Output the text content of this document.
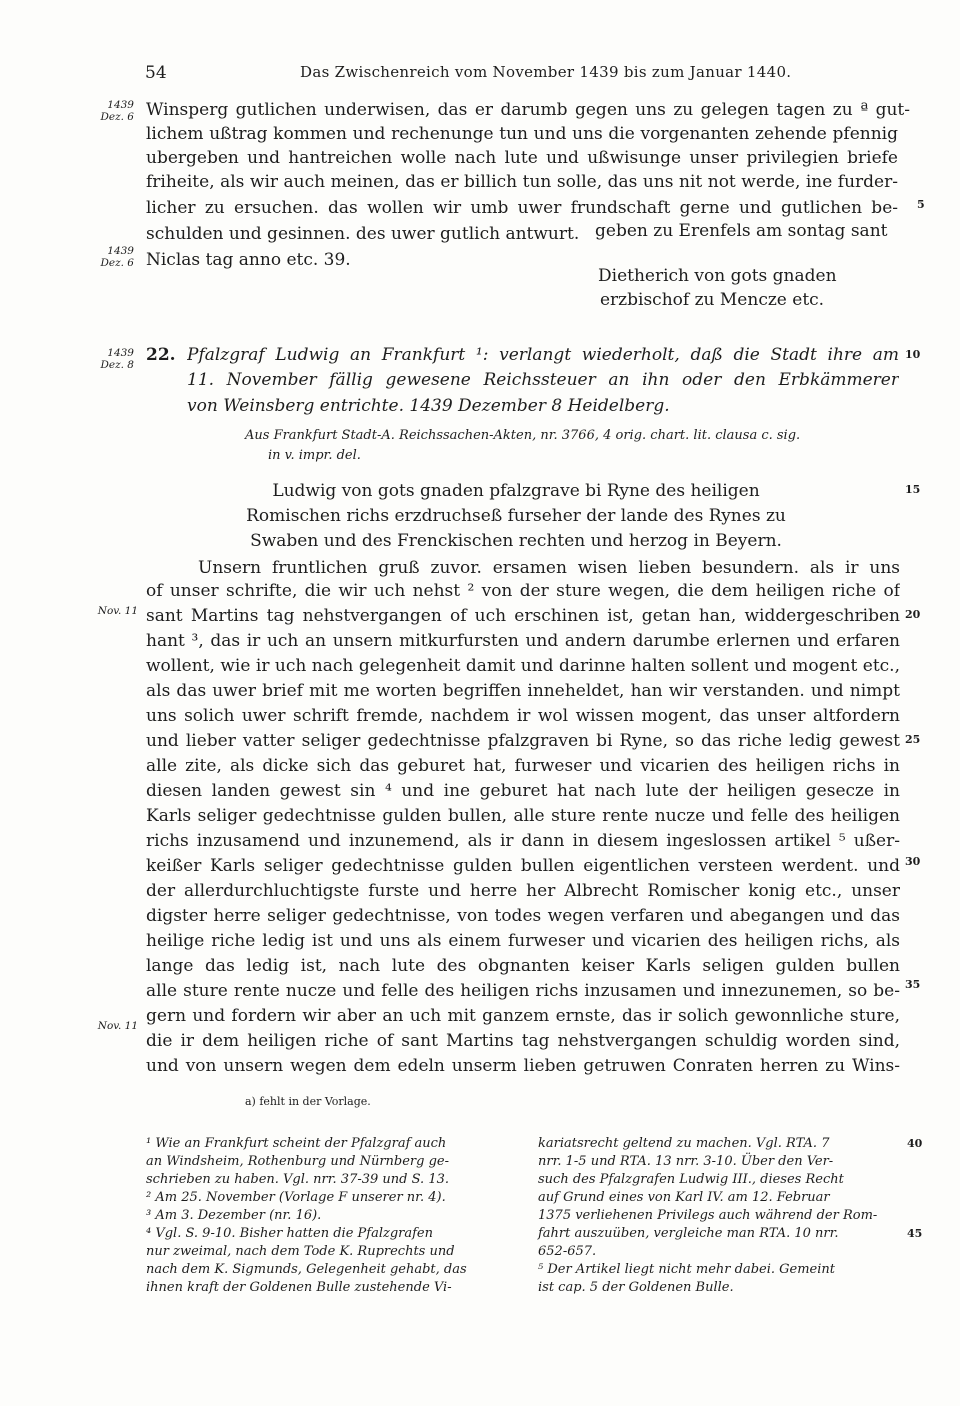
54	Das Zwischenreich vom November 1439 bis zum Januar 1440.
1439
Dez. 6
1439
Dez. 6
1439
Dez. 8
Nov. 11
Nov. 11
5
10
15
20
25
30
35
40
45
Winsperg gutlichen underwisen, das er darumb gegen uns zu gelegen tagen zu ª gut-
lichem ußtrag kommen und rechenunge tun und uns die vorgenanten zehende pfennig
ubergeben und hantreichen wolle nach lute und ußwisunge unser privilegien briefe
friheite, als wir auch meinen, das er billich tun solle, das uns nit not werde, ine furder-
licher zu ersuchen. das wollen wir umb uwer frundschaft gerne und gutlichen be-
schulden und gesinnen. des uwer gutlich antwurt. geben zu Erenfels am sontag sant
Niclas tag anno etc. 39.
Dietherich von gots gnaden
erzbischof zu Mencze etc.
22. Pfalzgraf Ludwig an Frankfurt ¹: verlangt wiederholt, daß die Stadt ihre am
11. November fällig gewesene Reichssteuer an ihn oder den Erbkämmerer
von Weinsberg entrichte. 1439 Dezember 8 Heidelberg.
Aus Frankfurt Stadt-A. Reichssachen-Akten, nr. 3766, 4 orig. chart. lit. clausa c. sig.
in v. impr. del.
Ludwig von gots gnaden pfalzgrave bi Ryne des heiligen
Romischen richs erzdruchseß furseher der lande des Rynes zu
Swaben und des Frenckischen rechten und herzog in Beyern.
Unsern fruntlichen gruß zuvor. ersamen wisen lieben besundern. als ir uns
of unser schrifte, die wir uch nehst ² von der sture wegen, die dem heiligen riche of
sant Martins tag nehstvergangen of uch erschinen ist, getan han, widdergeschriben
hant ³, das ir uch an unsern mitkurfursten und andern darumbe erlernen und erfaren
wollent, wie ir uch nach gelegenheit damit und darinne halten sollent und mogent etc.,
als das uwer brief mit me worten begriffen inneheldet, han wir verstanden. und nimpt
uns solich uwer schrift fremde, nachdem ir wol wissen mogent, das unser altfordern
und lieber vatter seliger gedechtnisse pfalzgraven bi Ryne, so das riche ledig gewest
alle zite, als dicke sich das geburet hat, furweser und vicarien des heiligen richs in
diesen landen gewest sin ⁴ und ine geburet hat nach lute der heiligen gesecze in
Karls seliger gedechtnisse gulden bullen, alle sture rente nucze und felle des heiligen
richs inzusamend und inzunemend, als ir dann in diesem ingeslossen artikel ⁵ ußer-
keißer Karls seliger gedechtnisse gulden bullen eigentlichen versteen werdent. und
der allerdurchluchtigste furste und herre her Albrecht Romischer konig etc., unser
digster herre seliger gedechtnisse, von todes wegen verfaren und abegangen und das
heilige riche ledig ist und uns als einem furweser und vicarien des heiligen richs, als
lange das ledig ist, nach lute des obgnanten keiser Karls seligen gulden bullen
alle sture rente nucze und felle des heiligen richs inzusamen und innezunemen, so be-
gern und fordern wir aber an uch mit ganzem ernste, das ir solich gewonnliche sture,
die ir dem heiligen riche of sant Martins tag nehstvergangen schuldig worden sind,
und von unsern wegen dem edeln unserm lieben getruwen Conraten herren zu Wins-
a) fehlt in der Vorlage.
¹ Wie an Frankfurt scheint der Pfalzgraf auch
an Windsheim, Rothenburg und Nürnberg ge-
schrieben zu haben. Vgl. nrr. 37-39 und S. 13.
² Am 25. November (Vorlage F unserer nr. 4).
³ Am 3. Dezember (nr. 16).
⁴ Vgl. S. 9-10. Bisher hatten die Pfalzgrafen
nur zweimal, nach dem Tode K. Ruprechts und
nach dem K. Sigmunds, Gelegenheit gehabt, das
ihnen kraft der Goldenen Bulle zustehende Vi-
kariatsrecht geltend zu machen. Vgl. RTA. 7
nrr. 1-5 und RTA. 13 nrr. 3-10. Über den Ver-
such des Pfalzgrafen Ludwig III., dieses Recht
auf Grund eines von Karl IV. am 12. Februar
1375 verliehenen Privilegs auch während der Rom-
fahrt auszuüben, vergleiche man RTA. 10 nrr.
652-657.
⁵ Der Artikel liegt nicht mehr dabei. Gemeint
ist cap. 5 der Goldenen Bulle.
